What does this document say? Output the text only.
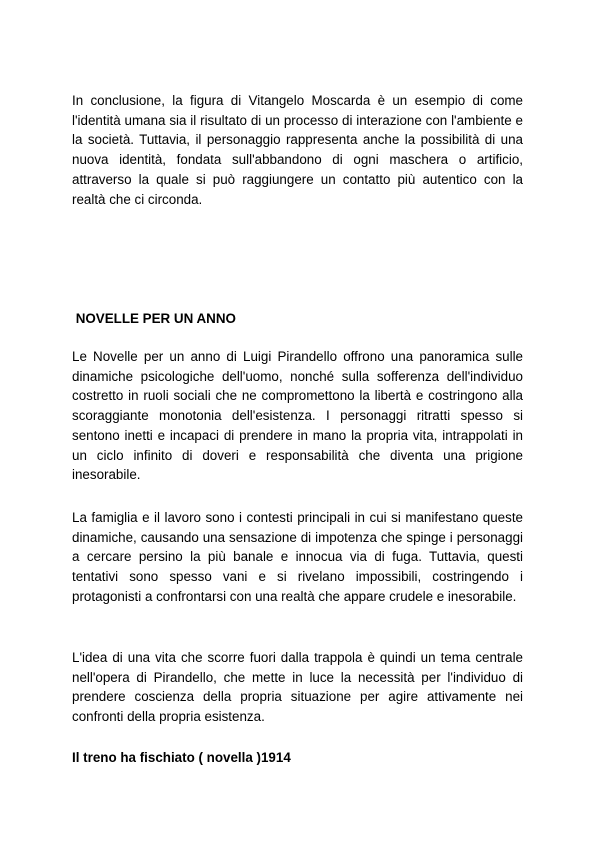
In conclusione, la figura di Vitangelo Moscarda è un esempio di come l'identità umana sia il risultato di un processo di interazione con l'ambiente e la società. Tuttavia, il personaggio rappresenta anche la possibilità di una nuova identità, fondata sull'abbandono di ogni maschera o artificio, attraverso la quale si può raggiungere un contatto più autentico con la realtà che ci circonda.

NOVELLE PER UN ANNO

Le Novelle per un anno di Luigi Pirandello offrono una panoramica sulle dinamiche psicologiche dell'uomo, nonché sulla sofferenza dell'individuo costretto in ruoli sociali che ne compromettono la libertà e costringono alla scoraggiante monotonia dell'esistenza. I personaggi ritratti spesso si sentono inetti e incapaci di prendere in mano la propria vita, intrappolati in un ciclo infinito di doveri e responsabilità che diventa una prigione inesorabile.

La famiglia e il lavoro sono i contesti principali in cui si manifestano queste dinamiche, causando una sensazione di impotenza che spinge i personaggi a cercare persino la più banale e innocua via di fuga. Tuttavia, questi tentativi sono spesso vani e si rivelano impossibili, costringendo i protagonisti a confrontarsi con una realtà che appare crudele e inesorabile.

L'idea di una vita che scorre fuori dalla trappola è quindi un tema centrale nell'opera di Pirandello, che mette in luce la necessità per l'individuo di prendere coscienza della propria situazione per agire attivamente nei confronti della propria esistenza.

Il treno ha fischiato ( novella )1914
